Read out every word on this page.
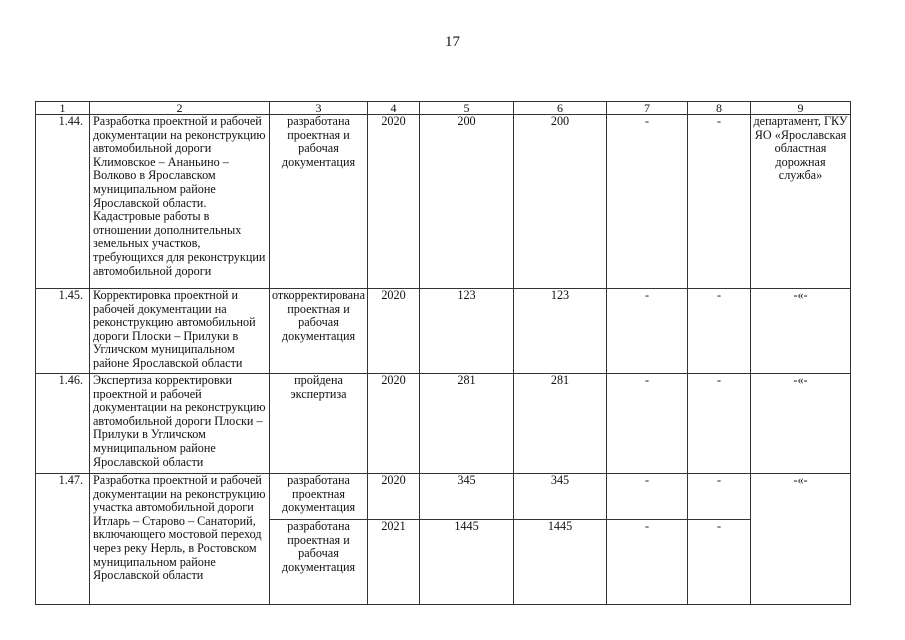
17
1	2	3	4	5	6	7	8	9
1.44.	Разработка проектной и рабочей документации на реконструкцию автомобильной дороги Климовское – Ананьино – Волково в Ярославском муниципальном районе Ярославской области. Кадастровые работы в отношении дополнительных земельных участков, требующихся для реконструкции автомобильной дороги	разработана проектная и рабочая документация	2020	200	200	-	-	департамент, ГКУ ЯО «Ярославская областная дорожная служба»
1.45.	Корректировка проектной и рабочей документации на реконструкцию автомобильной дороги Плоски – Прилуки в Угличском муниципальном районе Ярославской области	откорректирована проектная и рабочая документация	2020	123	123	-	-	-«-
1.46.	Экспертиза корректировки проектной и рабочей документации на реконструкцию автомобильной дороги Плоски – Прилуки в Угличском муниципальном районе Ярославской области	пройдена экспертиза	2020	281	281	-	-	-«-
1.47.	Разработка проектной и рабочей документации на реконструкцию участка автомобильной дороги Итларь – Старово – Санаторий, включающего мостовой переход через реку Нерль, в Ростовском муниципальном районе Ярославской области	разработана проектная документация	2020	345	345	-	-	-«-
		разработана проектная и рабочая документация	2021	1445	1445	-	-	
